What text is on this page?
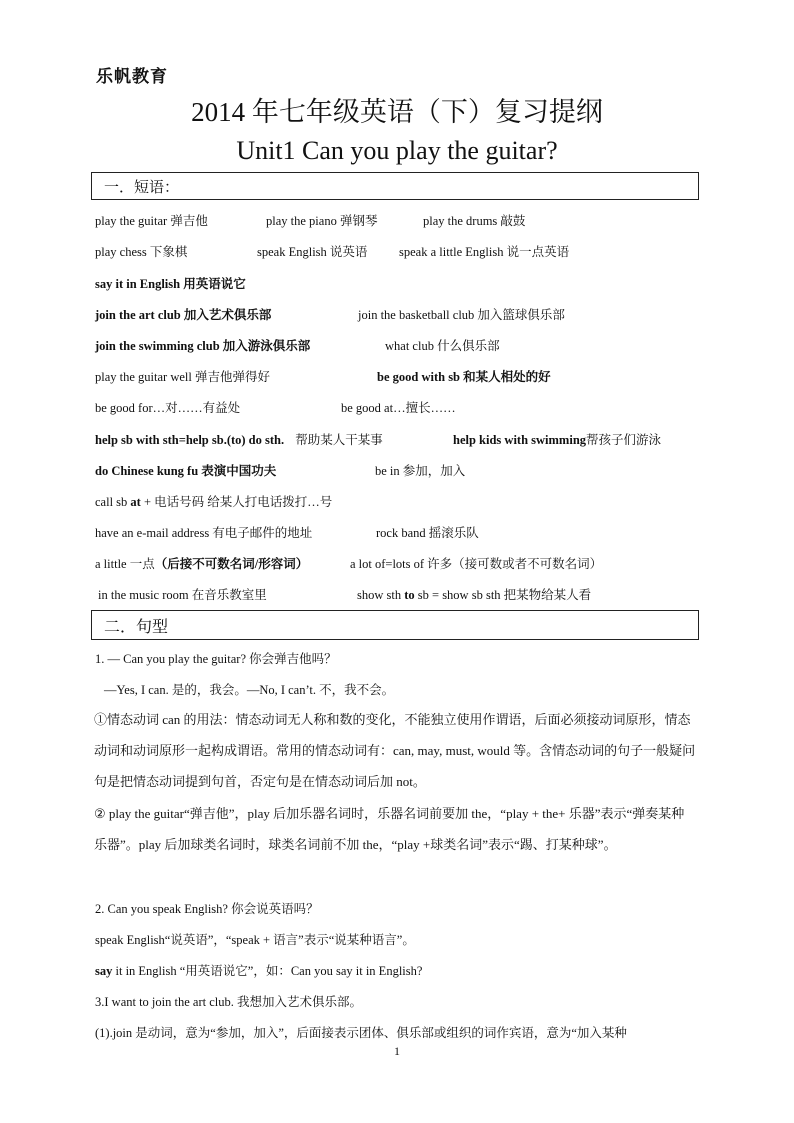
乐帆教育
2014 年七年级英语（下）复习提纲
Unit1 Can you play the guitar?
一．短语：
play the guitar 弹吉他	play the piano 弹钢琴	play the drums 敲鼓
play chess 下象棋	speak English 说英语	speak a little English 说一点英语
say it in English 用英语说它
join the art club 加入艺术俱乐部	join the basketball club 加入篮球俱乐部
join the swimming club 加入游泳俱乐部	what club 什么俱乐部
play the guitar well 弹吉他弹得好	be good with sb 和某人相处的好
be good for…对……有益处	be good at…擅长……
help sb with sth=help sb.(to) do sth. 帮助某人干某事	help kids with swimming帮孩子们游泳
do Chinese kung fu 表演中国功夫	be in 参加，加入
call sb at + 电话号码 给某人打电话拨打…号
have an e-mail address 有电子邮件的地址	rock band 摇滚乐队
a little 一点（后接不可数名词/形容词）	a lot of=lots of 许多（接可数或者不可数名词）
in the music room 在音乐教室里	show sth to sb = show sb sth 把某物给某人看
二．句型
1. — Can you play the guitar? 你会弹吉他吗？
—Yes, I can. 是的，我会。—No, I can’t. 不，我不会。
①情态动词 can 的用法：情态动词无人称和数的变化，不能独立使用作谓语，后面必须接动词原形，情态动词和动词原形一起构成谓语。常用的情态动词有：can, may, must, would 等。含情态动词的句子一般疑问句是把情态动词提到句首，否定句是在情态动词后加 not。
② play the guitar“弹吉他”，play 后加乐器名词时，乐器名词前要加 the，“play + the+ 乐器”表示“弹奏某种乐器”。play 后加球类名词时，球类名词前不加 the，“play +球类名词”表示“踢、打某种球”。
2. Can you speak English? 你会说英语吗？
speak English“说英语”，“speak + 语言”表示“说某种语言”。
say it in English “用英语说它”，如：Can you say it in English?
3.I want to join the art club. 我想加入艺术俱乐部。
(1).join 是动词，意为“参加，加入”，后面接表示团体、俱乐部或组织的词作宾语，意为“加入某种
1
